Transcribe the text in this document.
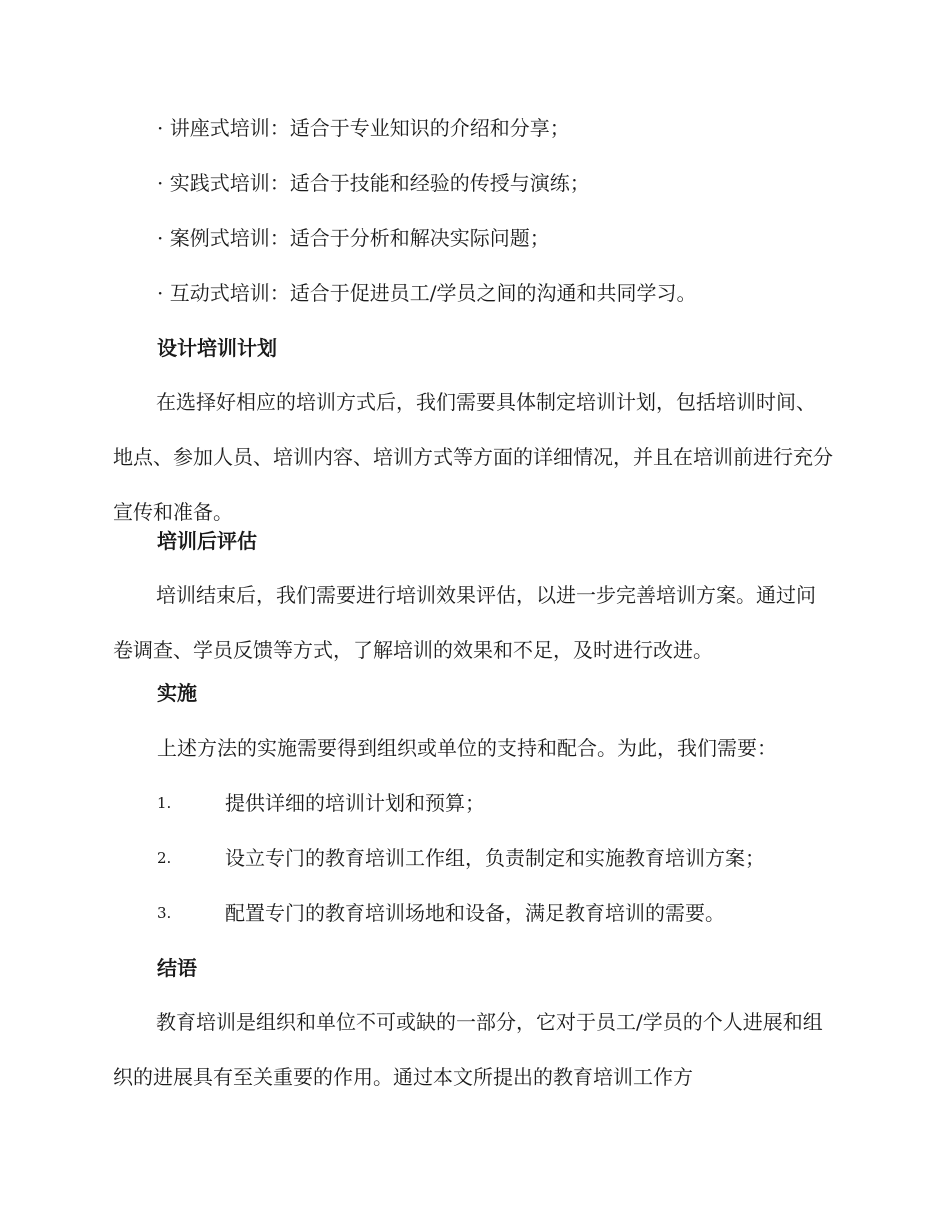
· 讲座式培训：适合于专业知识的介绍和分享；
· 实践式培训：适合于技能和经验的传授与演练；
· 案例式培训：适合于分析和解决实际问题；
· 互动式培训：适合于促进员工/学员之间的沟通和共同学习。
设计培训计划

在选择好相应的培训方式后，我们需要具体制定培训计划，包括培训时间、地点、参加人员、培训内容、培训方式等方面的详细情况，并且在培训前进行充分宣传和准备。

培训后评估

培训结束后，我们需要进行培训效果评估，以进一步完善培训方案。通过问卷调查、学员反馈等方式，了解培训的效果和不足，及时进行改进。

实施
上述方法的实施需要得到组织或单位的支持和配合。为此，我们需要：
1.	提供详细的培训计划和预算；
2.	设立专门的教育培训工作组，负责制定和实施教育培训方案；
3.	配置专门的教育培训场地和设备，满足教育培训的需要。
结语

教育培训是组织和单位不可或缺的一部分，它对于员工/学员的个人进展和组织的进展具有至关重要的作用。通过本文所提出的教育培训工作方
